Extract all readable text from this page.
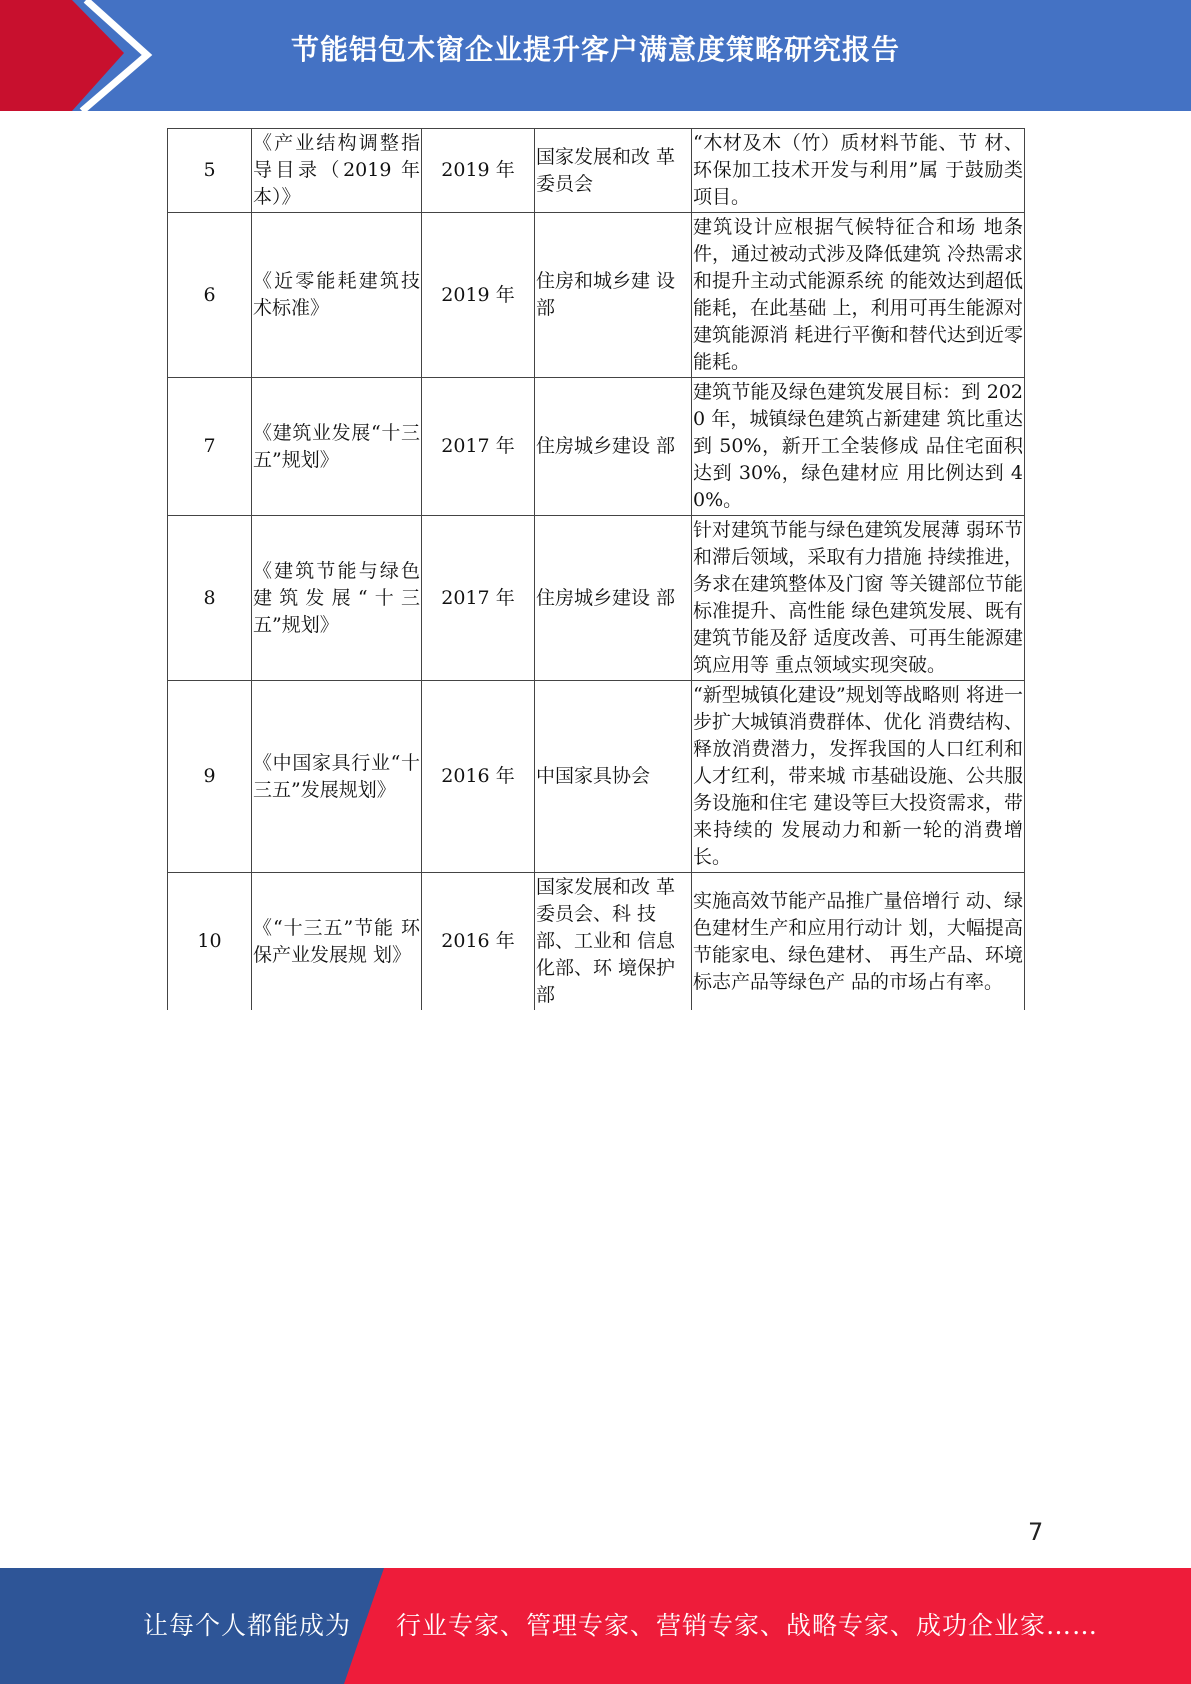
节能铝包木窗企业提升客户满意度策略研究报告
5	《产业结构调整指导目录（2019 年本）》	2019 年	国家发展和改 革委员会	“木材及木（竹）质材料节能、节 材、环保加工技术开发与利用”属 于鼓励类项目。
6	《近零能耗建筑技术标准》	2019 年	住房和城乡建 设部	建筑设计应根据气候特征合和场 地条件，通过被动式涉及降低建筑 冷热需求和提升主动式能源系统 的能效达到超低能耗，在此基础 上，利用可再生能源对建筑能源消 耗进行平衡和替代达到近零能耗。
7	《建筑业发展“十三五”规划》	2017 年	住房城乡建设 部	建筑节能及绿色建筑发展目标：到 2020 年，城镇绿色建筑占新建建 筑比重达到 50%，新开工全装修成 品住宅面积达到 30%，绿色建材应 用比例达到 40%。
8	《建筑节能与绿色建筑发展“十三五”规划》	2017 年	住房城乡建设 部	针对建筑节能与绿色建筑发展薄 弱环节和滞后领域，采取有力措施 持续推进，务求在建筑整体及门窗 等关键部位节能标准提升、高性能 绿色建筑发展、既有建筑节能及舒 适度改善、可再生能源建筑应用等 重点领域实现突破。
9	《中国家具行业“十三五”发展规划》	2016 年	中国家具协会	“新型城镇化建设”规划等战略则 将进一步扩大城镇消费群体、优化 消费结构、释放消费潜力，发挥我国的人口红利和人才红利，带来城 市基础设施、公共服务设施和住宅 建设等巨大投资需求，带来持续的 发展动力和新一轮的消费增长。
10	《“十三五”节能 环保产业发展规 划》	2016 年	国家发展和改 革委员会、科 技部、工业和 信息化部、环 境保护部	实施高效节能产品推广量倍增行 动、绿色建材生产和应用行动计 划，大幅提高节能家电、绿色建材、 再生产品、环境标志产品等绿色产 品的市场占有率。
7
让每个人都能成为 行业专家、管理专家、营销专家、战略专家、成功企业家……
